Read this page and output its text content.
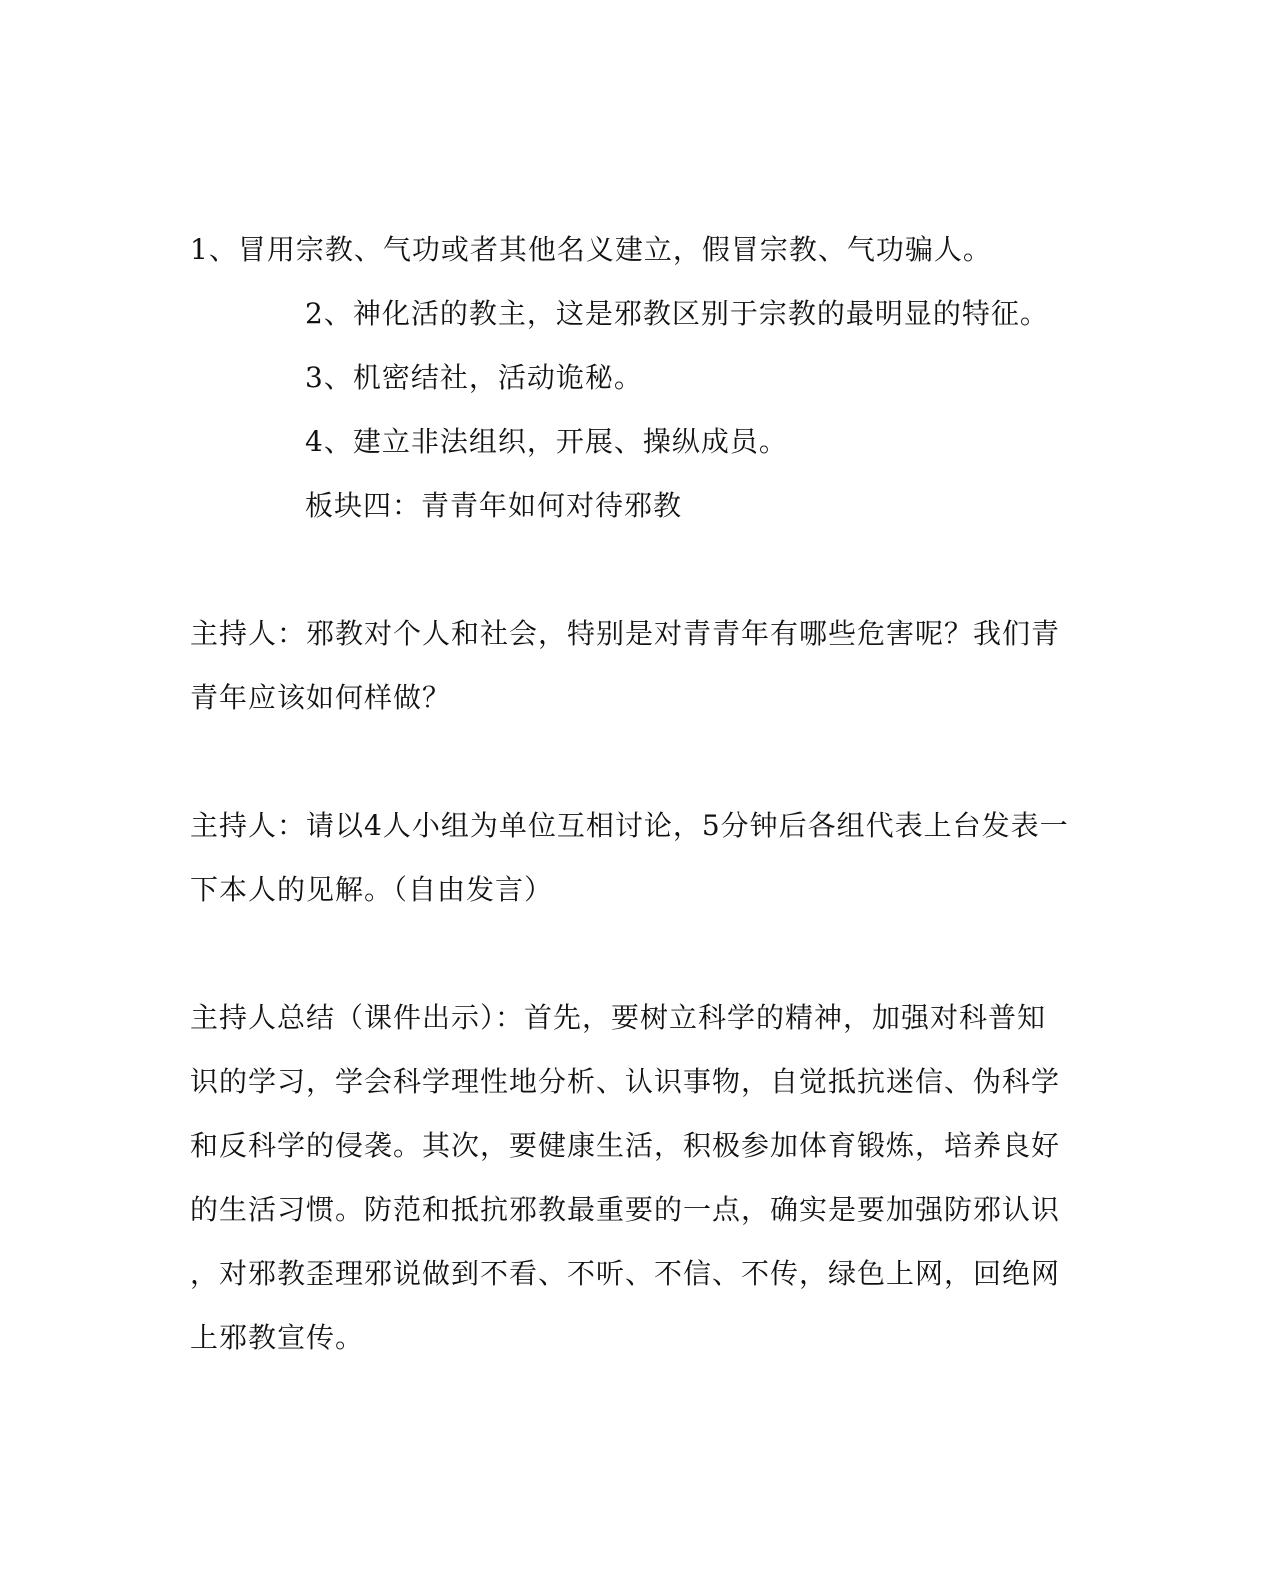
1、冒用宗教、气功或者其他名义建立，假冒宗教、气功骗人。
2、神化活的教主，这是邪教区别于宗教的最明显的特征。
3、机密结社，活动诡秘。
4、建立非法组织，开展、操纵成员。
板块四：青青年如何对待邪教
主持人：邪教对个人和社会，特别是对青青年有哪些危害呢？我们青
青年应该如何样做？
主持人：请以4人小组为单位互相讨论，5分钟后各组代表上台发表一
下本人的见解。（自由发言）
主持人总结（课件出示）：首先，要树立科学的精神，加强对科普知
识的学习，学会科学理性地分析、认识事物，自觉抵抗迷信、伪科学
和反科学的侵袭。其次，要健康生活，积极参加体育锻炼，培养良好
的生活习惯。防范和抵抗邪教最重要的一点，确实是要加强防邪认识
，对邪教歪理邪说做到不看、不听、不信、不传，绿色上网，回绝网
上邪教宣传。
